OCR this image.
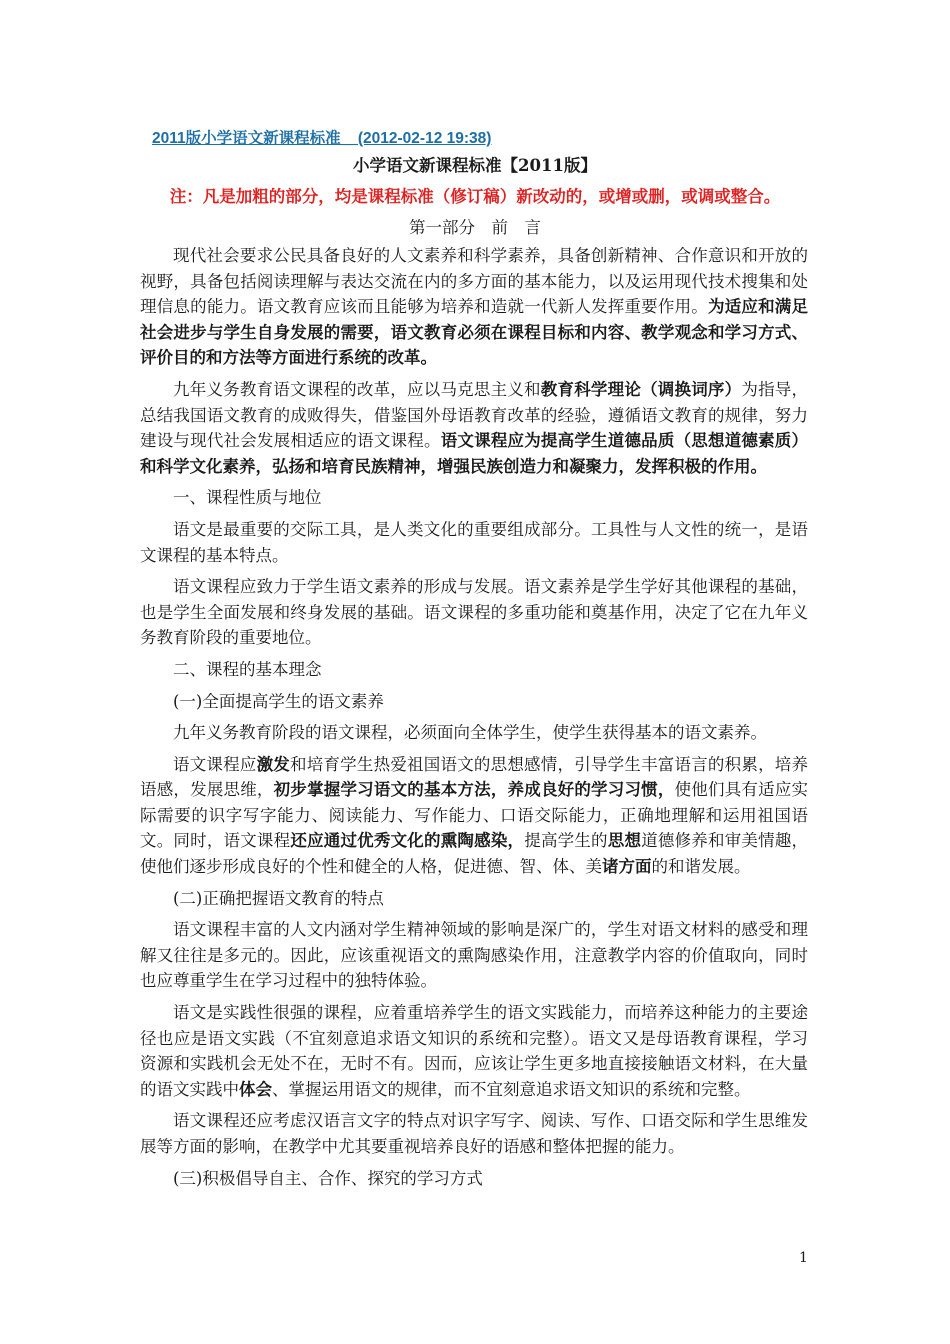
2011版小学语文新课程标准__(2012-02-12 19:38)
小学语文新课程标准【2011版】
注：凡是加粗的部分，均是课程标准（修订稿）新改动的，或增或删，或调或整合。
第一部分　前　言

现代社会要求公民具备良好的人文素养和科学素养，具备创新精神、合作意识和开放的视野，具备包括阅读理解与表达交流在内的多方面的基本能力，以及运用现代技术搜集和处理信息的能力。语文教育应该而且能够为培养和造就一代新人发挥重要作用。为适应和满足社会进步与学生自身发展的需要，语文教育必须在课程目标和内容、教学观念和学习方式、评价目的和方法等方面进行系统的改革。

九年义务教育语文课程的改革，应以马克思主义和教育科学理论（调换词序）为指导，总结我国语文教育的成败得失，借鉴国外母语教育改革的经验，遵循语文教育的规律，努力建设与现代社会发展相适应的语文课程。语文课程应为提高学生道德品质（思想道德素质）和科学文化素养，弘扬和培育民族精神，增强民族创造力和凝聚力，发挥积极的作用。

一、课程性质与地位

语文是最重要的交际工具，是人类文化的重要组成部分。工具性与人文性的统一，是语文课程的基本特点。

语文课程应致力于学生语文素养的形成与发展。语文素养是学生学好其他课程的基础，也是学生全面发展和终身发展的基础。语文课程的多重功能和奠基作用，决定了它在九年义务教育阶段的重要地位。

二、课程的基本理念

(一)全面提高学生的语文素养

九年义务教育阶段的语文课程，必须面向全体学生，使学生获得基本的语文素养。

语文课程应激发和培育学生热爱祖国语文的思想感情，引导学生丰富语言的积累，培养语感，发展思维，初步掌握学习语文的基本方法，养成良好的学习习惯，使他们具有适应实际需要的识字写字能力、阅读能力、写作能力、口语交际能力，正确地理解和运用祖国语文。同时，语文课程还应通过优秀文化的熏陶感染，提高学生的思想道德修养和审美情趣，使他们逐步形成良好的个性和健全的人格，促进德、智、体、美诸方面的和谐发展。

(二)正确把握语文教育的特点

语文课程丰富的人文内涵对学生精神领域的影响是深广的，学生对语文材料的感受和理解又往往是多元的。因此，应该重视语文的熏陶感染作用，注意教学内容的价值取向，同时也应尊重学生在学习过程中的独特体验。

语文是实践性很强的课程，应着重培养学生的语文实践能力，而培养这种能力的主要途径也应是语文实践（不宜刻意追求语文知识的系统和完整）。语文又是母语教育课程，学习资源和实践机会无处不在，无时不有。因而，应该让学生更多地直接接触语文材料，在大量的语文实践中体会、掌握运用语文的规律，而不宜刻意追求语文知识的系统和完整。

语文课程还应考虑汉语言文字的特点对识字写字、阅读、写作、口语交际和学生思维发展等方面的影响，在教学中尤其要重视培养良好的语感和整体把握的能力。

(三)积极倡导自主、合作、探究的学习方式

1
